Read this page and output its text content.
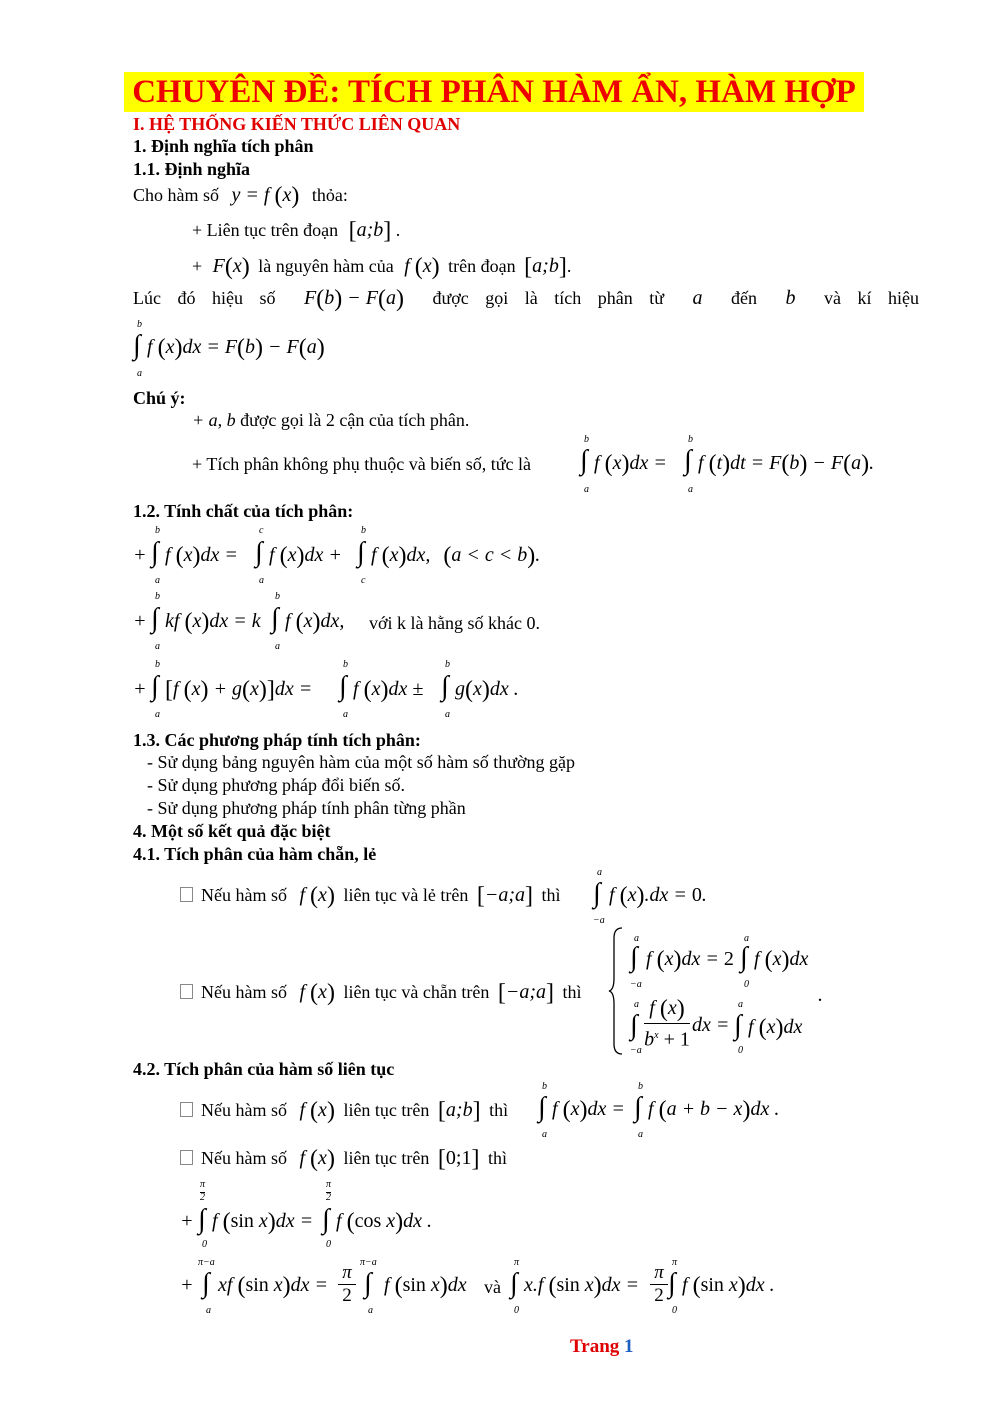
CHUYÊN ĐỀ: TÍCH PHÂN HÀM ẨN, HÀM HỢP
I. HỆ THỐNG KIẾN THỨC LIÊN QUAN
1. Định nghĩa tích phân
1.1. Định nghĩa
Cho hàm số y = f (x) thỏa:
+ Liên tục trên đoạn [a;b] .
+ F(x) là nguyên hàm của f (x) trên đoạn [a;b].
Lúc đó hiệu số F(b) − F(a) được gọi là tích phân từ a đến b và kí hiệu
b
∫
a
f (x)dx = F(b) − F(a)
Chú ý:
+ a, b được gọi là 2 cận của tích phân.
+ Tích phân không phụ thuộc và biến số, tức là
b
∫
a
f (x)dx =
b
∫
a
f (t)dt = F(b) − F(a).
1.2. Tính chất của tích phân:
+
b
∫
a
f (x)dx =
c
∫
a
f (x)dx +
b
∫
c
f (x)dx, (a < c < b).
+
b
∫
a
kf (x)dx = k
b
∫
a
f (x)dx, với k là hằng số khác 0.
+
b
∫
a
[f (x) + g(x)]dx =
b
∫
a
f (x)dx ±
b
∫
a
g(x)dx .
1.3. Các phương pháp tính tích phân:
- Sử dụng bảng nguyên hàm của một số hàm số thường gặp
- Sử dụng phương pháp đổi biến số.
- Sử dụng phương pháp tính phân từng phần
4. Một số kết quả đặc biệt
4.1. Tích phân của hàm chẵn, lẻ
Nếu hàm số f (x) liên tục và lẻ trên [−a;a] thì
a
∫
−a
f (x).dx = 0.
Nếu hàm số f (x) liên tục và chẵn trên [−a;a] thì
a
∫
−a
f (x)dx = 2
a
∫
0
f (x)dx
a
∫
$-a \frac{f (x)}{b^x + 1}$ dx =
a
∫
0
f (x)dx
.
4.2. Tích phân của hàm số liên tục
Nếu hàm số f (x) liên tục trên [a;b] thì
b
∫
a
f (x)dx =
b
∫
a
f (a + b − x)dx .
Nếu hàm số f (x) liên tục trên [0;1] thì
+
π
2
∫
0
f (sin x)dx =
π
2
∫
0
f (cos x)dx .
+
π−a
∫
a
xf (sin $x)dx = \frac{\pi}{2} \pi-a$
∫
a
f (sin x)dx và
π
∫
0
x.f (sin $x)dx = \frac{\pi}{2}$ π
∫
0
f (sin x)dx .
Trang 1
